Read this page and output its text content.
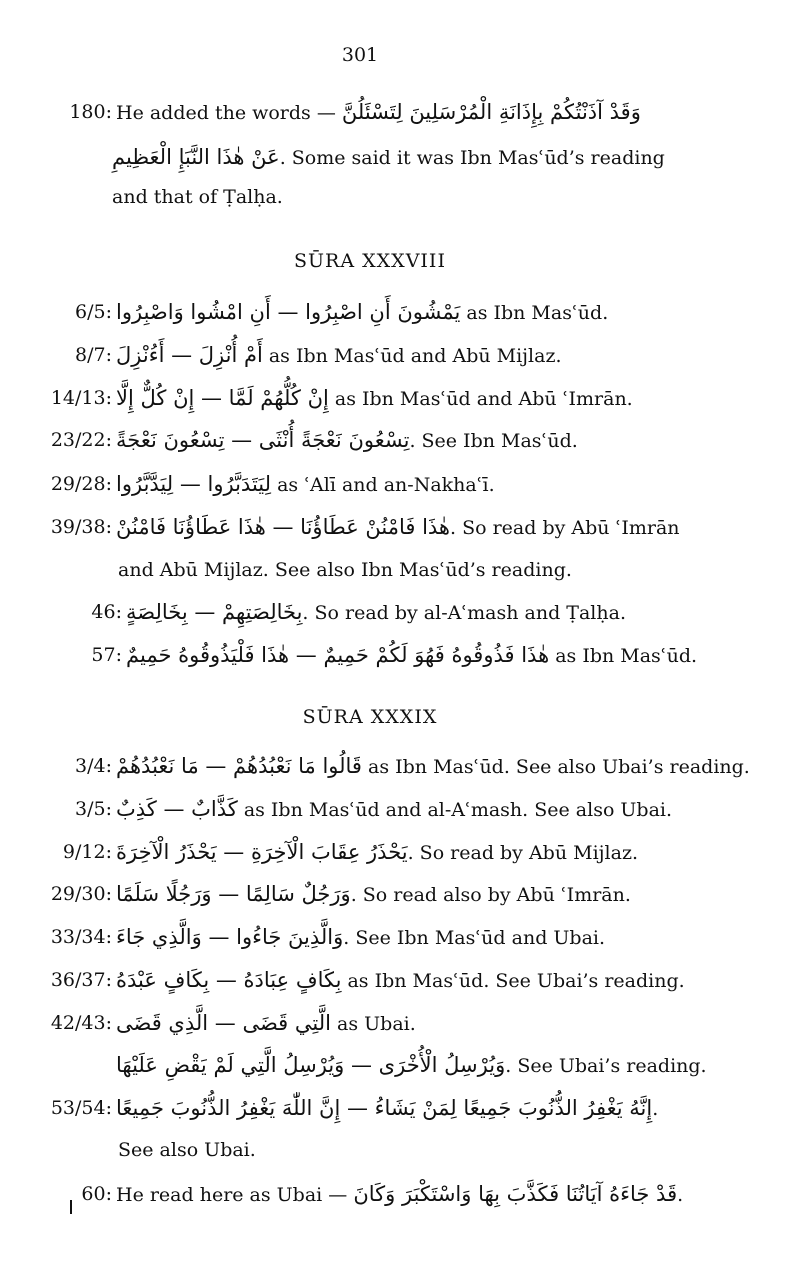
301
180: He added the words — وَقَدْ آذَنْتُكُمْ بِإِذَانَةِ الْمُرْسَلِينَ لِتَسْئَلُنَّ
عَنْ هٰذَا النَّبَإِ الْعَظِيمِ. Some said it was Ibn Masʿūd’s reading
and that of Ṭalḥa.
SŪRA XXXVIII
6/5: يَمْشُونَ أَنِ اصْبِرُوا — أَنِ امْشُوا وَاصْبِرُوا as Ibn Masʿūd.
8/7: أَمْ أُنْزِلَ — أَءُنْزِلَ as Ibn Masʿūd and Abū Mijlaz.
14/13: إِنْ كُلُّهُمْ لَمَّا — إِنْ كُلٌّ إِلَّا as Ibn Masʿūd and Abū ʿImrān.
23/22: تِسْعُونَ نَعْجَةً أُنْثَى — تِسْعُونَ نَعْجَةً. See Ibn Masʿūd.
29/28: لِيَتَدَبَّرُوا — لِيَدَّبَّرُوا as ʿAlī and an-Nakhaʿī.
39/38: هٰذَا فَامْنُنْ عَطَاؤُنَا — هٰذَا عَطَاؤُنَا فَامْنُنْ. So read by Abū ʿImrān
and Abū Mijlaz. See also Ibn Masʿūd’s reading.
46: بِخَالِصَتِهِمْ — بِخَالِصَةٍ. So read by al-Aʿmash and Ṭalḥa.
57: هٰذَا فَذُوقُوهُ فَهُوَ لَكُمْ حَمِيمٌ — هٰذَا فَلْيَذُوقُوهُ حَمِيمٌ as Ibn Masʿūd.
SŪRA XXXIX
3/4: قَالُوا مَا نَعْبُدُهُمْ — مَا نَعْبُدُهُمْ as Ibn Masʿūd. See also Ubai’s reading.
3/5: كَذَّابٌ — كَذِبٌ as Ibn Masʿūd and al-Aʿmash. See also Ubai.
9/12: يَحْذَرُ عِقَابَ الْآخِرَةِ — يَحْذَرُ الْآخِرَةَ. So read by Abū Mijlaz.
29/30: وَرَجُلٌ سَالِمًا — وَرَجُلًا سَلَمًا. So read also by Abū ʿImrān.
33/34: وَالَّذِينَ جَاءُوا — وَالَّذِي جَاءَ. See Ibn Masʿūd and Ubai.
36/37: بِكَافٍ عِبَادَهُ — بِكَافٍ عَبْدَهُ as Ibn Masʿūd. See Ubai’s reading.
42/43: الَّتِي قَضَى — الَّذِي قَضَى as Ubai.
وَيُرْسِلُ الْأُخْرَى — وَيُرْسِلُ الَّتِي لَمْ يَقْضِ عَلَيْهَا. See Ubai’s reading.
53/54: إِنَّهُ يَغْفِرُ الذُّنُوبَ جَمِيعًا لِمَنْ يَشَاءُ — إِنَّ اللّٰهَ يَغْفِرُ الذُّنُوبَ جَمِيعًا.
See also Ubai.
60: He read here as Ubai — قَدْ جَاءَهُ آيَاتُنَا فَكَذَّبَ بِهَا وَاسْتَكْبَرَ وَكَانَ.
